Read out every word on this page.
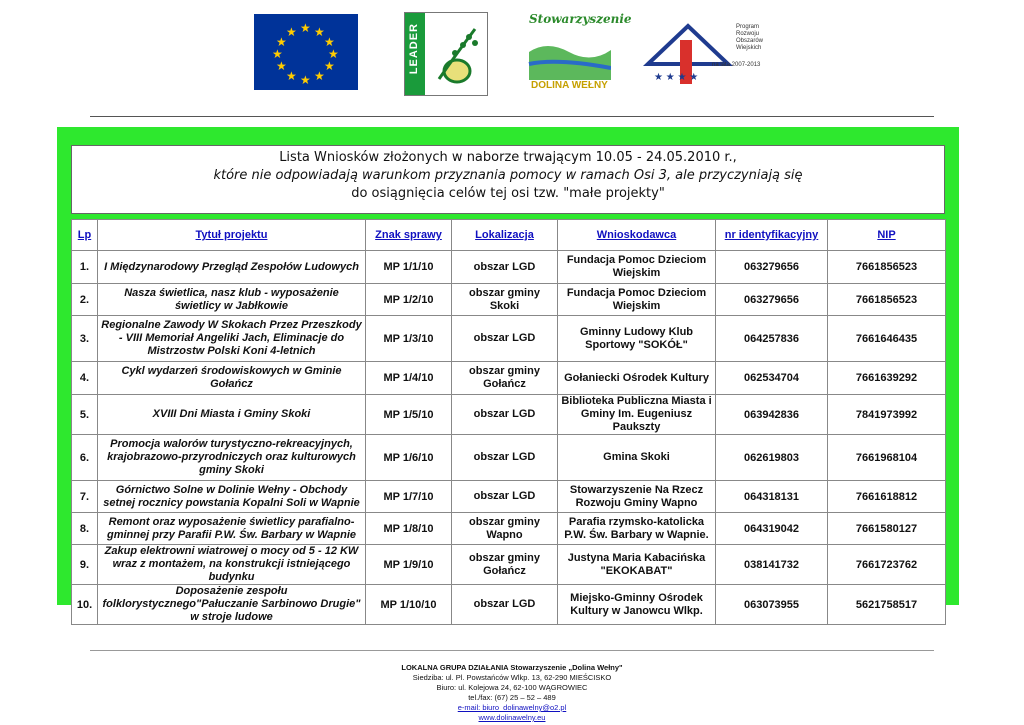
★ ★
★
★
★
★
★
★
★
★
★
★	LEADER
Stowarzyszenie
DOLINA WEŁNY
★ ★ ★ ★
Program
Rozwoju
Obszarów
Wiejskich
na lata 2007-2013
Lista Wniosków złożonych w naborze trwającym 10.05 - 24.05.2010 r.,
które nie odpowiadają warunkom przyznania pomocy w ramach Osi 3, ale przyczyniają się
do osiągnięcia celów tej osi tzw. "małe projekty"
Lp	Tytuł projektu	Znak sprawy	Lokalizacja	Wnioskodawca	nr identyfikacyjny	NIP
1.	I Międzynarodowy Przegląd Zespołów Ludowych	MP 1/1/10	obszar LGD	Fundacja Pomoc Dzieciom Wiejskim	063279656	7661856523
2.	Nasza świetlica, nasz klub - wyposażenie świetlicy w Jabłkowie	MP 1/2/10	obszar gminy Skoki	Fundacja Pomoc Dzieciom Wiejskim	063279656	7661856523
3.	Regionalne Zawody W Skokach Przez Przeszkody - VIII Memoriał Angeliki Jach, Eliminacje do Mistrzostw Polski Koni 4-letnich	MP 1/3/10	obszar LGD	Gminny Ludowy Klub Sportowy "SOKÓŁ"	064257836	7661646435
4.	Cykl wydarzeń środowiskowych w Gminie Gołańcz	MP 1/4/10	obszar gminy Gołańcz	Gołaniecki Ośrodek Kultury	062534704	7661639292
5.	XVIII Dni Miasta i Gminy Skoki	MP 1/5/10	obszar LGD	Biblioteka Publiczna Miasta i Gminy Im. Eugeniusz Paukszty	063942836	7841973992
6.	Promocja walorów turystyczno-rekreacyjnych, krajobrazowo-przyrodniczych oraz kulturowych gminy Skoki	MP 1/6/10	obszar LGD	Gmina Skoki	062619803	7661968104
7.	Górnictwo Solne w Dolinie Wełny - Obchody setnej rocznicy powstania Kopalni Soli w Wapnie	MP 1/7/10	obszar LGD	Stowarzyszenie Na Rzecz Rozwoju Gminy Wapno	064318131	7661618812
8.	Remont oraz wyposażenie świetlicy parafialno-gminnej przy Parafii P.W. Św. Barbary w Wapnie	MP 1/8/10	obszar gminy Wapno	Parafia rzymsko-katolicka P.W. Św. Barbary w Wapnie.	064319042	7661580127
9.	Zakup elektrowni wiatrowej o mocy od 5 - 12 KW wraz z montażem, na konstrukcji istniejącego budynku	MP 1/9/10	obszar gminy Gołańcz	Justyna Maria Kabacińska "EKOKABAT"	038141732	7661723762
10.	Doposażenie zespołu folklorystycznego"Pałuczanie Sarbinowo Drugie" w stroje ludowe	MP 1/10/10	obszar LGD	Miejsko-Gminny Ośrodek Kultury w Janowcu Wlkp.	063073955	5621758517
LOKALNA GRUPA DZIAŁANIA Stowarzyszenie „Dolina Wełny"
Siedziba: ul. Pl. Powstańców Wlkp. 13, 62-290 MIEŚCISKO
Biuro: ul. Kolejowa 24, 62-100 WĄGROWIEC
tel./fax: (67) 25 – 52 – 489
e-mail: biuro_dolinawelny@o2.pl
www.dolinawelny.eu
